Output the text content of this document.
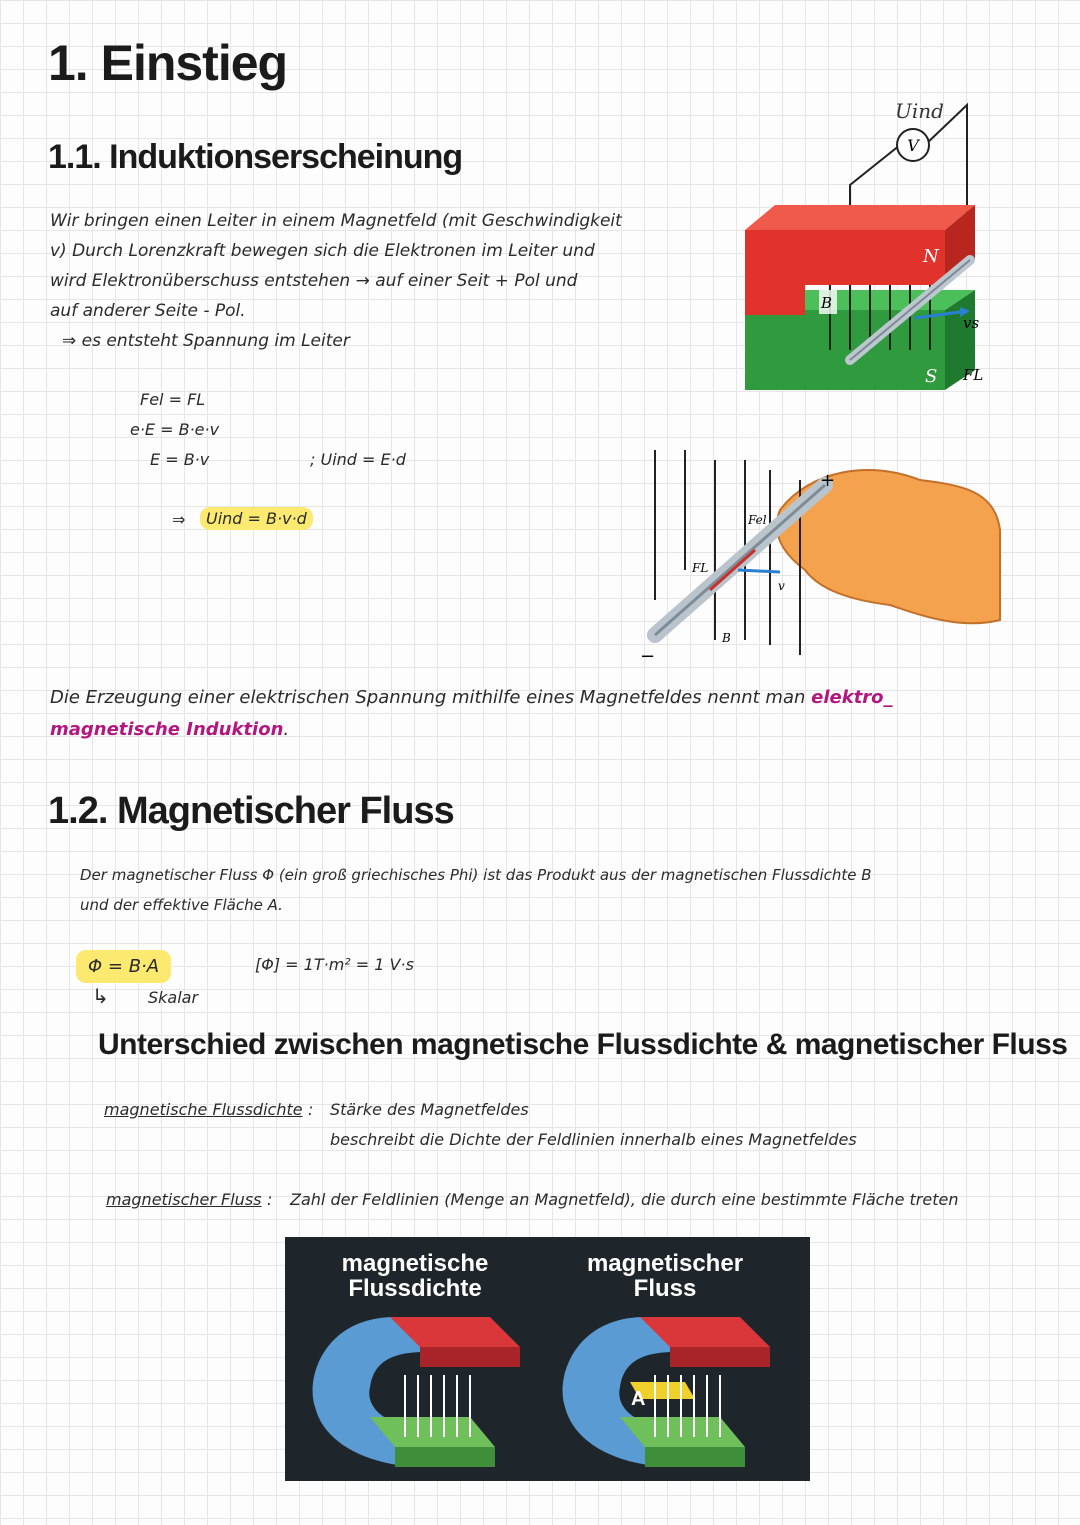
1. Einstieg
1.1. Induktionserscheinung
Wir bringen einen Leiter in einem Magnetfeld (mit Geschwindigkeit
v) Durch Lorenzkraft bewegen sich die Elektronen im Leiter und
wird Elektronüberschuss entstehen → auf einer Seit + Pol und
auf anderer Seite - Pol.
⇒ es entsteht Spannung im Leiter
Fel = FL
e·E = B·e·v
E = B·v	; Uind = E·d
⇒	Uind = B·v·d
V
Uind
vs
FL
B
N
S
+
−
Fel
FL
v
B
Die Erzeugung einer elektrischen Spannung mithilfe eines Magnetfeldes nennt man elektro_
magnetische Induktion.
1.2. Magnetischer Fluss
Der magnetischer Fluss Φ (ein groß griechisches Phi) ist das Produkt aus der magnetischen Flussdichte B
und der effektive Fläche A.
Φ = B·A	[Φ] = 1T·m² = 1 V·s
↳ Skalar
Unterschied zwischen magnetische Flussdichte & magnetischer Fluss
magnetische Flussdichte : Stärke des Magnetfeldes
beschreibt die Dichte der Feldlinien innerhalb eines Magnetfeldes
magnetischer Fluss : Zahl der Feldlinien (Menge an Magnetfeld), die durch eine bestimmte Fläche treten
magnetische
Flussdichte
magnetischer
Fluss
A
